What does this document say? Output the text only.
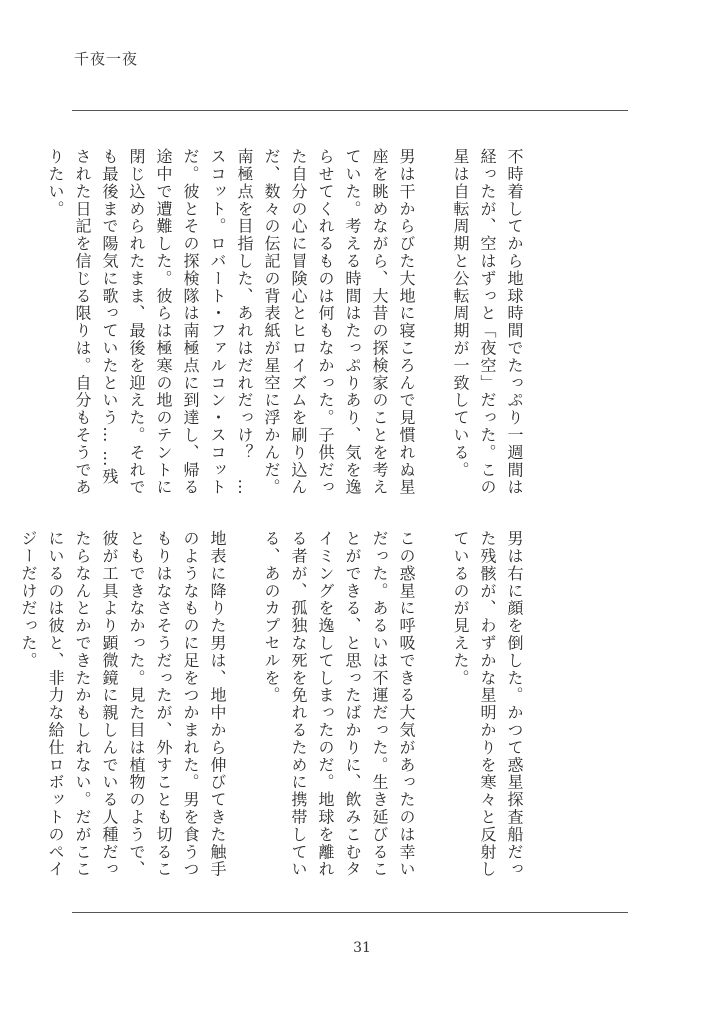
千夜一夜
不時着してから地球時間でたっぷり一週間は経ったが、空はずっと「夜空」だった。この星は自転周期と公転周期が一致している。
男は干からびた大地に寝ころんで見慣れぬ星座を眺めながら、大昔の探検家のことを考えていた。考える時間はたっぷりあり、気を逸らせてくれるものは何もなかった。子供だった自分の心に冒険心とヒロイズムを刷り込んだ、数々の伝記の背表紙が星空に浮かんだ。南極点を目指した、あれはだれだっけ？　…スコット。ロバート・ファルコン・スコットだ。彼とその探検隊は南極点に到達し、帰る途中で遭難した。彼らは極寒の地のテントに閉じ込められたまま、最後を迎えた。それでも最後まで陽気に歌っていたという… …残された日記を信じる限りは。自分もそうでありたい。
男は右に顔を倒した。かつて惑星探査船だった残骸が、わずかな星明かりを寒々と反射しているのが見えた。
この惑星に呼吸できる大気があったのは幸いだった。あるいは不運だった。生き延びることができる、と思ったばかりに、飲みこむタイミングを逸してしまったのだ。地球を離れる者が、孤独な死を免れるために携帯している、あのカプセルを。
地表に降りた男は、地中から伸びてきた触手のようなものに足をつかまれた。男を食うつもりはなさそうだったが、外すことも切ることもできなかった。見た目は植物のようで、彼が工具より顕微鏡に親しんでいる人種だったらなんとかできたかもしれない。だがここにいるのは彼と、非力な給仕ロボットのペイジーだけだった。
31
